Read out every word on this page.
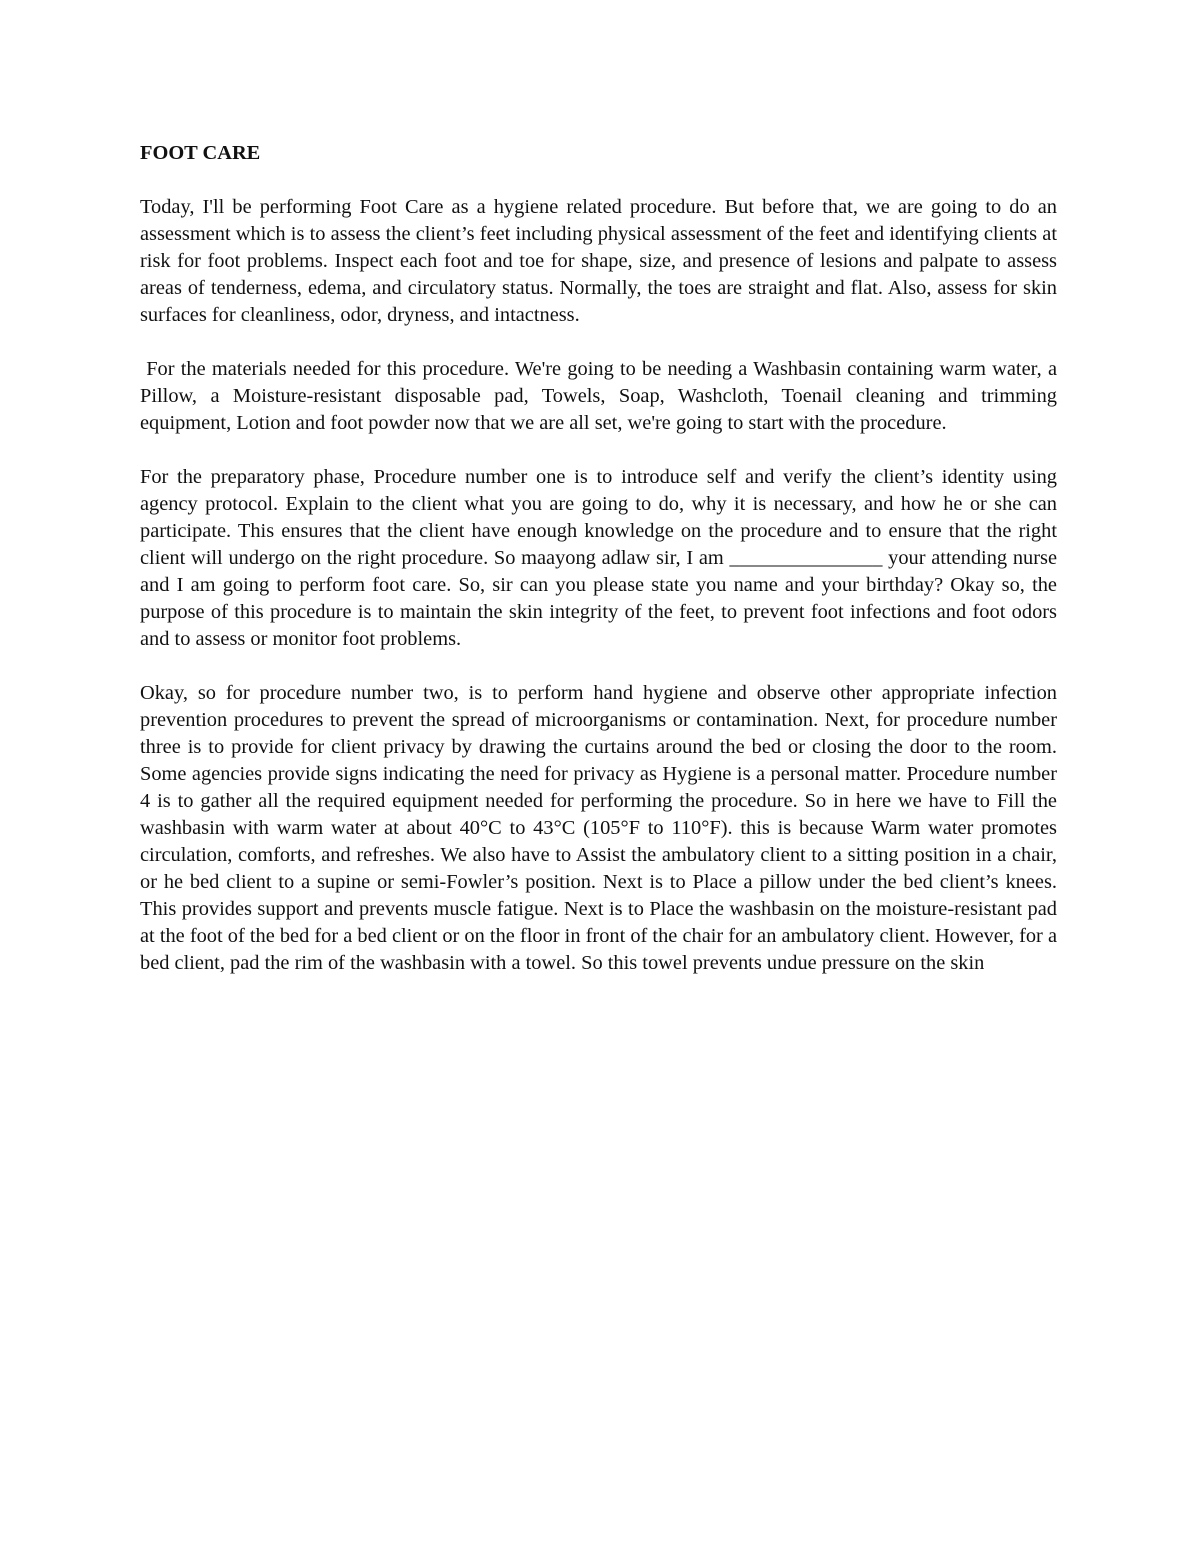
FOOT CARE

Today, I'll be performing Foot Care as a hygiene related procedure. But before that, we are going to do an assessment which is to assess the client’s feet including physical assessment of the feet and identifying clients at risk for foot problems. Inspect each foot and toe for shape, size, and presence of lesions and palpate to assess areas of tenderness, edema, and circulatory status. Normally, the toes are straight and flat. Also, assess for skin surfaces for cleanliness, odor, dryness, and intactness.

For the materials needed for this procedure. We're going to be needing a Washbasin containing warm water, a Pillow, a Moisture-resistant disposable pad, Towels, Soap, Washcloth, Toenail cleaning and trimming equipment, Lotion and foot powder now that we are all set, we're going to start with the procedure.

For the preparatory phase, Procedure number one is to introduce self and verify the client’s identity using agency protocol. Explain to the client what you are going to do, why it is necessary, and how he or she can participate. This ensures that the client have enough knowledge on the procedure and to ensure that the right client will undergo on the right procedure. So maayong adlaw sir, I am _______________ your attending nurse and I am going to perform foot care. So, sir can you please state you name and your birthday? Okay so, the purpose of this procedure is to maintain the skin integrity of the feet, to prevent foot infections and foot odors and to assess or monitor foot problems.

Okay, so for procedure number two, is to perform hand hygiene and observe other appropriate infection prevention procedures to prevent the spread of microorganisms or contamination. Next, for procedure number three is to provide for client privacy by drawing the curtains around the bed or closing the door to the room. Some agencies provide signs indicating the need for privacy as Hygiene is a personal matter. Procedure number 4 is to gather all the required equipment needed for performing the procedure. So in here we have to Fill the washbasin with warm water at about 40°C to 43°C (105°F to 110°F). this is because Warm water promotes circulation, comforts, and refreshes. We also have to Assist the ambulatory client to a sitting position in a chair, or he bed client to a supine or semi-Fowler’s position. Next is to Place a pillow under the bed client’s knees. This provides support and prevents muscle fatigue. Next is to Place the washbasin on the moisture-resistant pad at the foot of the bed for a bed client or on the floor in front of the chair for an ambulatory client. However, for a bed client, pad the rim of the washbasin with a towel. So this towel prevents undue pressure on the skin
